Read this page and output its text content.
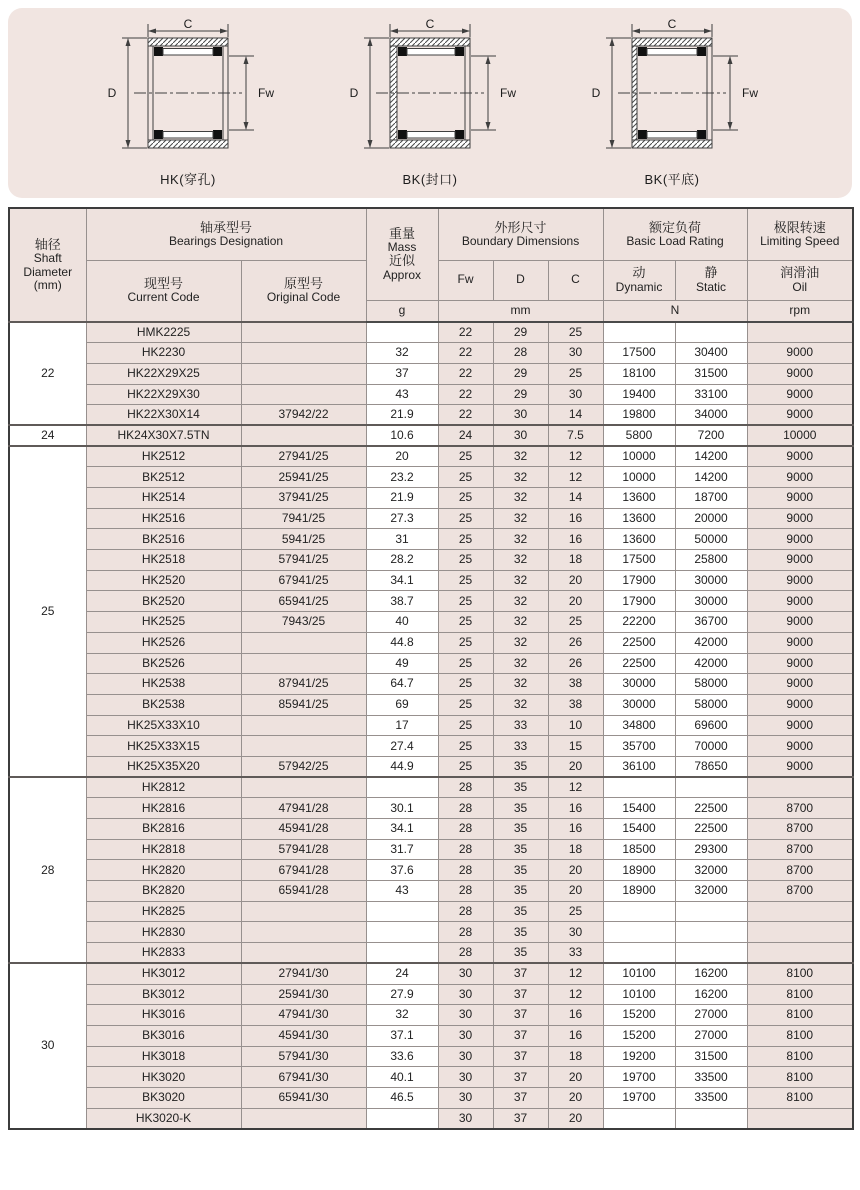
C
D	Fw
HK(穿孔)
C
D	Fw
BK(封口)
C
D	Fw
BK(平底)
轴径
Shaft
Diameter
(mm)	轴承型号
Bearings Designation		重量
Mass
近似
Approx	外形尺寸
Boundary Dimensions			额定负荷
Basic Load Rating		极限转速
Limiting Speed

	现型号
Current Code	原型号
Original Code		Fw	D	C	动
Dynamic	静
Static	润滑油
Oil

			g	mm			N		rpm
22	HMK2225			22	29	25			
	HK2230		32	22	28	30	17500	30400	9000
	HK22X29X25		37	22	29	25	18100	31500	9000
	HK22X29X30		43	22	29	30	19400	33100	9000
	HK22X30X14	37942/22	21.9	22	30	14	19800	34000	9000
24	HK24X30X7.5TN		10.6	24	30	7.5	5800	7200	10000
25	HK2512	27941/25	20	25	32	12	10000	14200	9000
	BK2512	25941/25	23.2	25	32	12	10000	14200	9000
	HK2514	37941/25	21.9	25	32	14	13600	18700	9000
	HK2516	7941/25	27.3	25	32	16	13600	20000	9000
	BK2516	5941/25	31	25	32	16	13600	50000	9000
	HK2518	57941/25	28.2	25	32	18	17500	25800	9000
	HK2520	67941/25	34.1	25	32	20	17900	30000	9000
	BK2520	65941/25	38.7	25	32	20	17900	30000	9000
	HK2525	7943/25	40	25	32	25	22200	36700	9000
	HK2526		44.8	25	32	26	22500	42000	9000
	BK2526		49	25	32	26	22500	42000	9000
	HK2538	87941/25	64.7	25	32	38	30000	58000	9000
	BK2538	85941/25	69	25	32	38	30000	58000	9000
	HK25X33X10		17	25	33	10	34800	69600	9000
	HK25X33X15		27.4	25	33	15	35700	70000	9000
	HK25X35X20	57942/25	44.9	25	35	20	36100	78650	9000
28	HK2812			28	35	12			
	HK2816	47941/28	30.1	28	35	16	15400	22500	8700
	BK2816	45941/28	34.1	28	35	16	15400	22500	8700
	HK2818	57941/28	31.7	28	35	18	18500	29300	8700
	HK2820	67941/28	37.6	28	35	20	18900	32000	8700
	BK2820	65941/28	43	28	35	20	18900	32000	8700
	HK2825			28	35	25			
	HK2830			28	35	30			
	HK2833			28	35	33			
30	HK3012	27941/30	24	30	37	12	10100	16200	8100
	BK3012	25941/30	27.9	30	37	12	10100	16200	8100
	HK3016	47941/30	32	30	37	16	15200	27000	8100
	BK3016	45941/30	37.1	30	37	16	15200	27000	8100
	HK3018	57941/30	33.6	30	37	18	19200	31500	8100
	HK3020	67941/30	40.1	30	37	20	19700	33500	8100
	BK3020	65941/30	46.5	30	37	20	19700	33500	8100
	HK3020-K			30	37	20			
